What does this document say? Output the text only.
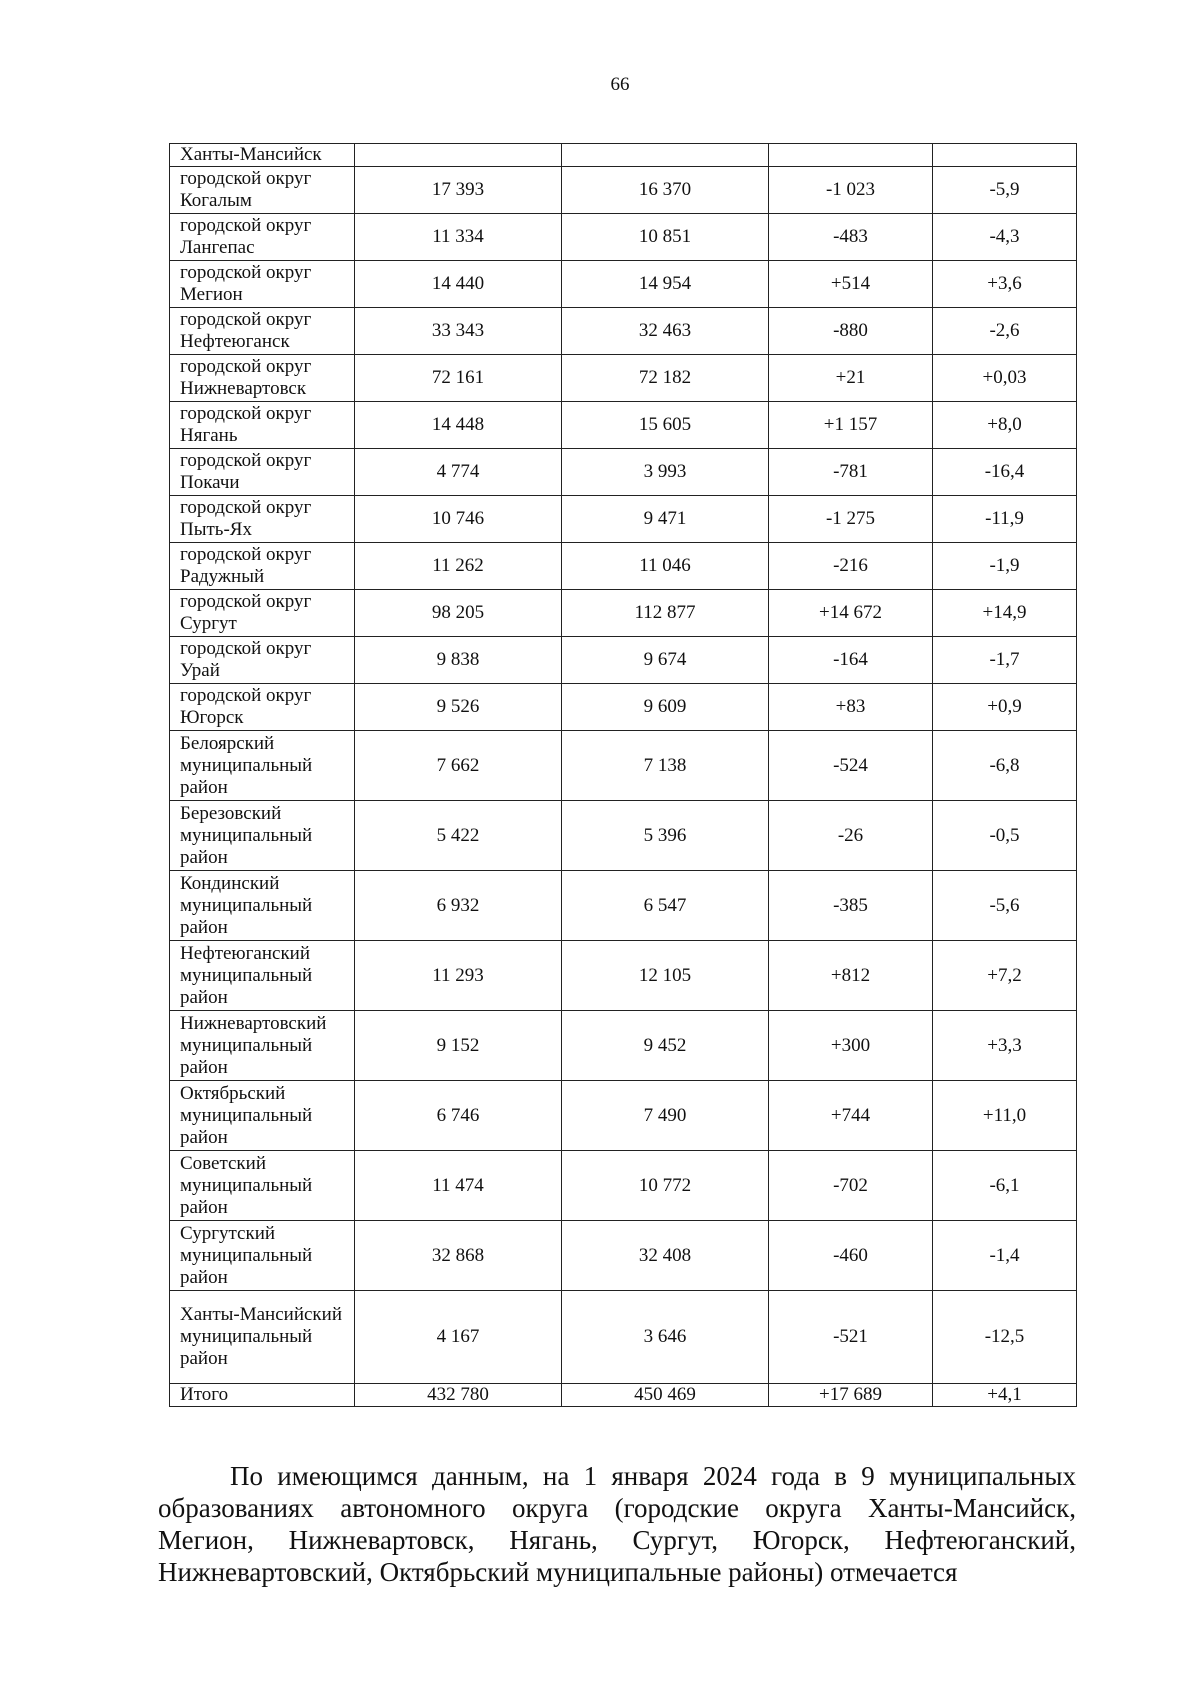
66
Ханты-Мансийск				
городской округ Когалым	17 393	16 370	-1 023	-5,9
городской округ Лангепас	11 334	10 851	-483	-4,3
городской округ Мегион	14 440	14 954	+514	+3,6
городской округ Нефтеюганск	33 343	32 463	-880	-2,6
городской округ Нижневартовск	72 161	72 182	+21	+0,03
городской округ Нягань	14 448	15 605	+1 157	+8,0
городской округ Покачи	4 774	3 993	-781	-16,4
городской округ Пыть-Ях	10 746	9 471	-1 275	-11,9
городской округ Радужный	11 262	11 046	-216	-1,9
городской округ Сургут	98 205	112 877	+14 672	+14,9
городской округ Урай	9 838	9 674	-164	-1,7
городской округ Югорск	9 526	9 609	+83	+0,9
Белоярский муниципальный район	7 662	7 138	-524	-6,8
Березовский муниципальный район	5 422	5 396	-26	-0,5
Кондинский муниципальный район	6 932	6 547	-385	-5,6
Нефтеюганский муниципальный район	11 293	12 105	+812	+7,2
Нижневартовский муниципальный район	9 152	9 452	+300	+3,3
Октябрьский муниципальный район	6 746	7 490	+744	+11,0
Советский муниципальный район	11 474	10 772	-702	-6,1
Сургутский муниципальный район	32 868	32 408	-460	-1,4
Ханты-Мансийский муниципальный район	4 167	3 646	-521	-12,5
Итого	432 780	450 469	+17 689	+4,1

По имеющимся данным, на 1 января 2024 года в 9 муниципальных образованиях автономного округа (городские округа Ханты-Мансийск, Мегион, Нижневартовск, Нягань, Сургут, Югорск, Нефтеюганский, Нижневартовский, Октябрьский муниципальные районы) отмечается
